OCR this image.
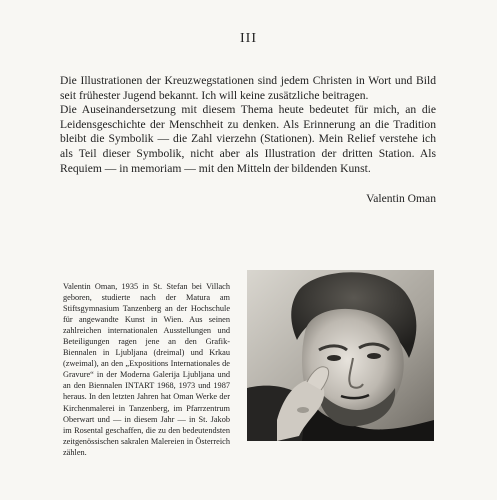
III

Die Illustrationen der Kreuzwegstationen sind jedem Christen in Wort und Bild seit frühester Jugend bekannt. Ich will keine zusätzliche beitragen.

Die Auseinandersetzung mit diesem Thema heute bedeutet für mich, an die Leidensgeschichte der Menschheit zu denken. Als Erinnerung an die Tradition bleibt die Symbolik — die Zahl vierzehn (Stationen). Mein Relief verstehe ich als Teil dieser Symbolik, nicht aber als Illustration der dritten Station. Als Requiem — in memoriam — mit den Mitteln der bildenden Kunst.

Valentin Oman

Valentin Oman, 1935 in St. Stefan bei Villach geboren, studierte nach der Matura am Stiftsgymnasium Tanzenberg an der Hochschule für angewandte Kunst in Wien. Aus seinen zahlreichen internationalen Ausstellungen und Beteiligungen ragen jene an den Grafik-Biennalen in Ljubljana (dreimal) und Krkau (zweimal), an den „Expositions Internationales de Gravure“ in der Moderna Galerija Ljubljana und an den Biennalen INTART 1968, 1973 und 1987 heraus. In den letzten Jahren hat Oman Werke der Kirchenmalerei in Tanzenberg, im Pfarrzentrum Oberwart und — in diesem Jahr — in St. Jakob im Rosental geschaffen, die zu den bedeutendsten zeitgenössischen sakralen Malereien in Österreich zählen.
